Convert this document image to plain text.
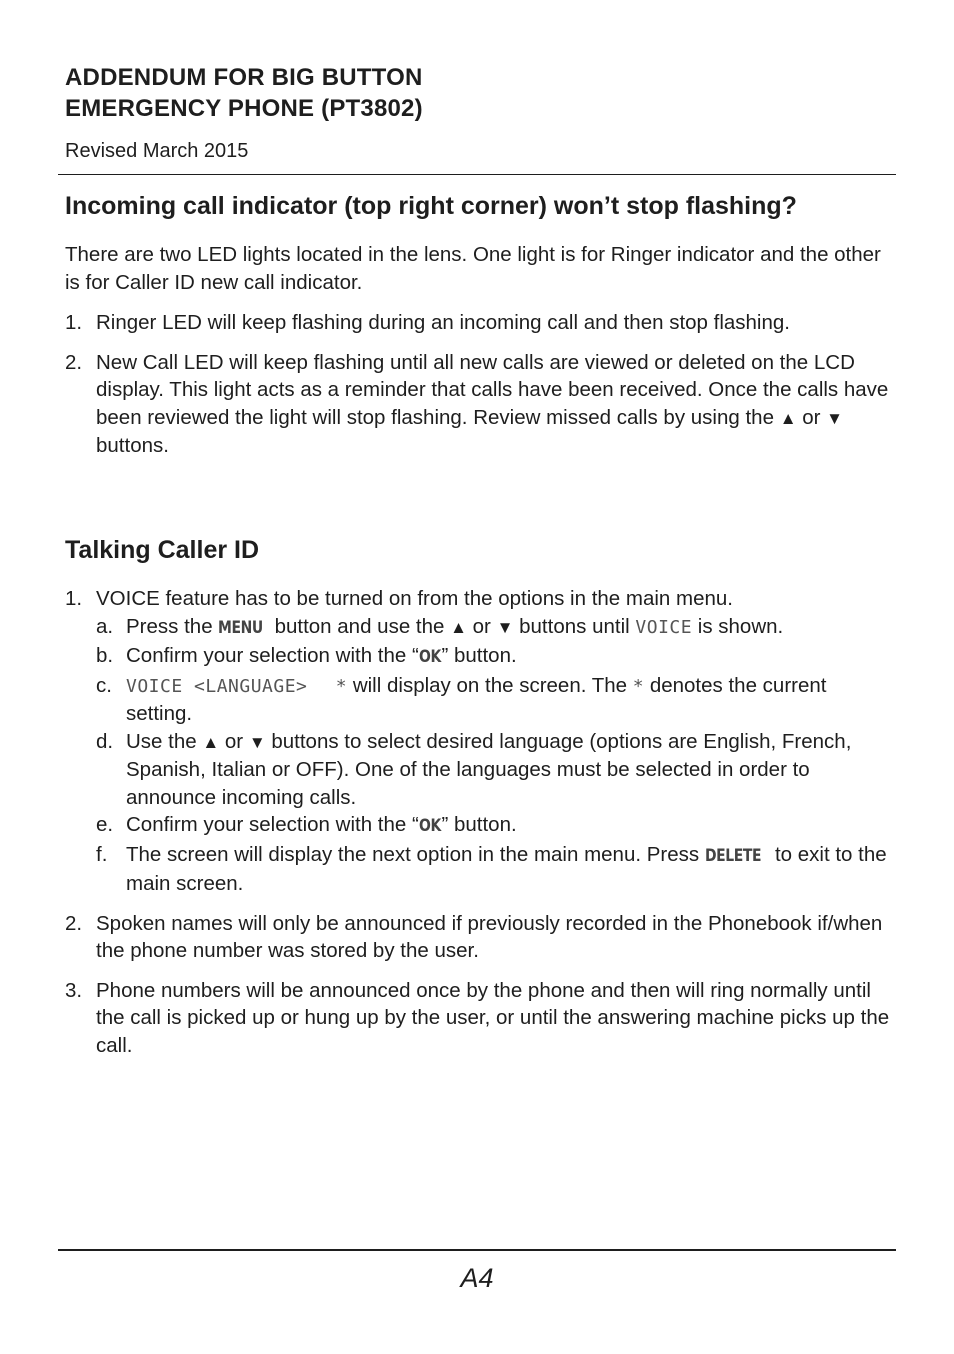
ADDENDUM FOR BIG BUTTON
EMERGENCY PHONE (PT3802)
Revised March 2015
Incoming call indicator (top right corner) won’t stop flashing?

There are two LED lights located in the lens. One light is for Ringer indicator and the other is for Caller ID new call indicator.

1. Ringer LED will keep flashing during an incoming call and then stop flashing.
2. New Call LED will keep flashing until all new calls are viewed or deleted on the LCD display. This light acts as a reminder that calls have been received. Once the calls have been reviewed the light will stop flashing. Review missed calls by using the ▲ or ▼ buttons.
Talking Caller ID
1. VOICE feature has to be turned on from the options in the main menu.
a. Press the MENU button and use the ▲ or ▼ buttons until VOICE is shown.
b. Confirm your selection with the “OK” button.
c. VOICE <LANGUAGE>   * will display on the screen. The * denotes the current setting.
d. Use the ▲ or ▼ buttons to select desired language (options are English, French, Spanish, Italian or OFF). One of the languages must be selected in order to announce incoming calls.
e. Confirm your selection with the “OK” button.
f. The screen will display the next option in the main menu. Press DELETE to exit to the main screen.
2. Spoken names will only be announced if previously recorded in the Phonebook if/when the phone number was stored by the user.
3. Phone numbers will be announced once by the phone and then will ring normally until the call is picked up or hung up by the user, or until the answering machine picks up the call.
A4
